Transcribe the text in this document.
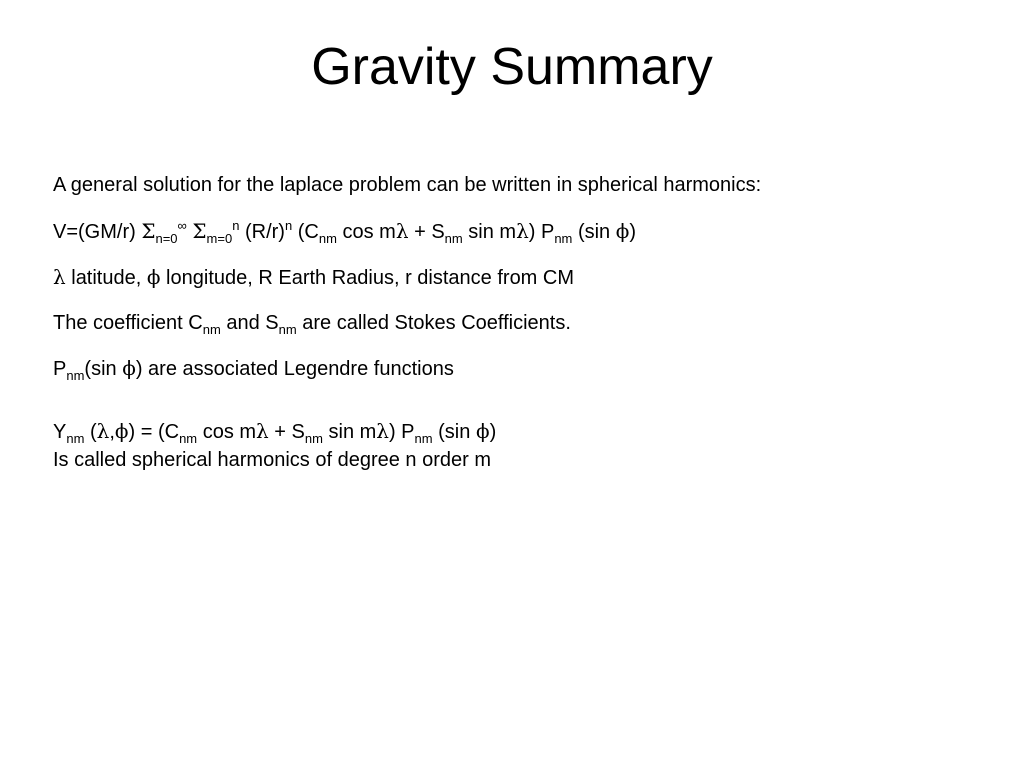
Gravity Summary
A general solution for the laplace problem can be written in spherical harmonics:
V=(GM/r) $\Sigma_{n=0}^\infty$ $\Sigma_{m=0}^n$ $(R/r)^n$ ($C_{nm}$ $\cos m\lambda + S_{nm}$ sin mλ) $P_{nm}$ (sin ϕ)
λ latitude, ϕ longitude, R Earth Radius, r distance from CM
The coefficient $C_{nm}$ and $S_{nm}$ are called Stokes Coefficients.
$P_{nm}(\sin$ ϕ) are associated Legendre functions
$Y_{nm}$ $(\lambda,\phi) = (C_{nm}$ $\cos m\lambda + S_{nm}$ sin mλ) $P_{nm}$ (sin ϕ)
Is called spherical harmonics of degree n order m
